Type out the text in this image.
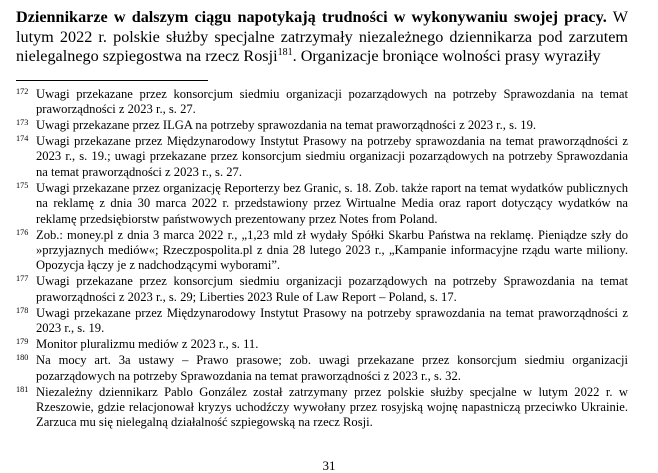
Dziennikarze w dalszym ciągu napotykają trudności w wykonywaniu swojej pracy. W lutym 2022 r. polskie służby specjalne zatrzymały niezależnego dziennikarza pod zarzutem nielegalnego szpiegostwa na rzecz Rosji$^{181}$. Organizacje broniące wolności prasy wyraziły

172 Uwagi przekazane przez konsorcjum siedmiu organizacji pozarządowych na potrzeby Sprawozdania na temat praworządności z 2023 r., s. 27.
173 Uwagi przekazane przez ILGA na potrzeby sprawozdania na temat praworządności z 2023 r., s. 19.
174 Uwagi przekazane przez Międzynarodowy Instytut Prasowy na potrzeby sprawozdania na temat praworządności z 2023 r., s. 19.; uwagi przekazane przez konsorcjum siedmiu organizacji pozarządowych na potrzeby Sprawozdania na temat praworządności z 2023 r., s. 27.
175 Uwagi przekazane przez organizację Reporterzy bez Granic, s. 18. Zob. także raport na temat wydatków publicznych na reklamę z dnia 30 marca 2022 r. przedstawiony przez Wirtualne Media oraz raport dotyczący wydatków na reklamę przedsiębiorstw państwowych prezentowany przez Notes from Poland.
176 Zob.: money.pl z dnia 3 marca 2022 r., „1,23 mld zł wydały Spółki Skarbu Państwa na reklamę. Pieniądze szły do »przyjaznych mediów«; Rzeczpospolita.pl z dnia 28 lutego 2023 r., „Kampanie informacyjne rządu warte miliony. Opozycja łączy je z nadchodzącymi wyborami”.
177 Uwagi przekazane przez konsorcjum siedmiu organizacji pozarządowych na potrzeby Sprawozdania na temat praworządności z 2023 r., s. 29; Liberties 2023 Rule of Law Report – Poland, s. 17.
178 Uwagi przekazane przez Międzynarodowy Instytut Prasowy na potrzeby sprawozdania na temat praworządności z 2023 r., s. 19.
179 Monitor pluralizmu mediów z 2023 r., s. 11.
180 Na mocy art. 3a ustawy – Prawo prasowe; zob. uwagi przekazane przez konsorcjum siedmiu organizacji pozarządowych na potrzeby Sprawozdania na temat praworządności z 2023 r., s. 32.
181 Niezależny dziennikarz Pablo González został zatrzymany przez polskie służby specjalne w lutym 2022 r. w Rzeszowie, gdzie relacjonował kryzys uchodźczy wywołany przez rosyjską wojnę napastniczą przeciwko Ukrainie. Zarzuca mu się nielegalną działalność szpiegowską na rzecz Rosji.
31
